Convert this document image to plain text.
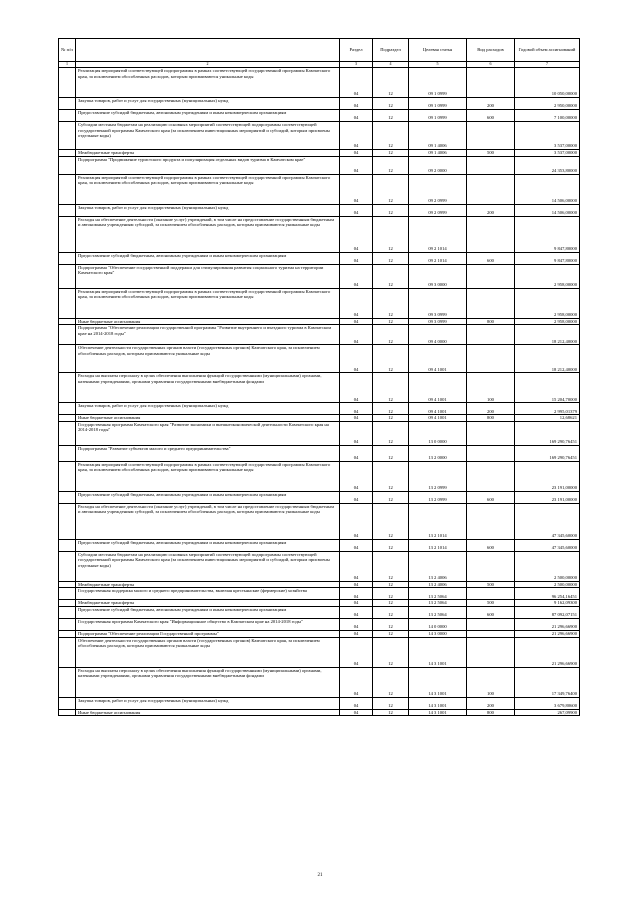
№ п/п		Раздел	Подраздел	Целевая статья	Вид расходов	Годовой объем ассигнований
1	2	3	4	5	6	7
	Реализация мероприятий соответствующей подпрограммы в рамках соответствующей государственной программы Камчатского края, за исключением обособленных расходов, которым присваиваются уникальные коды	04	12	09 1 0999		10 050,00000
	Закупка товаров, работ и услуг для государственных (муниципальных) нужд	04	12	09 1 0999	200	2 950,00000
	Предоставление субсидий бюджетным, автономным учреждениям и иным некоммерческим организациям	04	12	09 1 0999	600	7 100,00000
	Субсидии местным бюджетам на реализацию основных мероприятий соответствующей подпрограммы соответствующей государственной программы Камчатского края (за исключением инвестиционных мероприятий и субсидий, которым присвоены отдельные коды)	04	12	09 1 4006		3 537,00000
	Межбюджетные трансферты	04	12	09 1 4006	500	3 537,00000
	Подпрограмма "Продвижение туристского продукта и популяризация отдельных видов туризма в Камчатском крае"	04	12	09 2 0000		24 353,80000
	Реализация мероприятий соответствующей подпрограммы в рамках соответствующей государственной программы Камчатского края, за исключением обособленных расходов, которым присваиваются уникальные коды	04	12	09 2 0999		14 506,00000
	Закупка товаров, работ и услуг для государственных (муниципальных) нужд	04	12	09 2 0999	200	14 506,00000
	Расходы на обеспечение деятельности (оказание услуг) учреждений, в том числе на предоставление государственным бюджетным и автономным учреждениям субсидий, за исключением обособленных расходов, которым присваиваются уникальные коды	04	12	09 2 1014		9 847,80000
	Предоставление субсидий бюджетным, автономным учреждениям и иным некоммерческим организациям	04	12	09 2 1014	600	9 847,80000
	Подпрограмма "Обеспечение государственной поддержки для стимулирования развития социального туризма на территории Камчатского края"	04	12	09 3 0000		2 958,00000
	Реализация мероприятий соответствующей подпрограммы в рамках соответствующей государственной программы Камчатского края, за исключением обособленных расходов, которым присваиваются уникальные коды	04	12	09 3 0999		2 958,00000
	Иные бюджетные ассигнования	04	12	09 3 0999	800	2 958,00000
	Подпрограмма "Обеспечение реализации государственной программы "Развитие внутреннего и въездного туризма в Камчатском крае на 2014-2018 годы"	04	12	09 4 0000		18 212,40000
	Обеспечение деятельности государственных органов власти (государственных органов) Камчатского края, за исключением обособленных расходов, которым присваиваются уникальные коды	04	12	09 4 1001		18 212,40000
	Расходы на выплаты персоналу в целях обеспечения выполнения функций государственными (муниципальными) органами, казенными учреждениями, органами управления государственными внебюджетными фондами	04	12	09 4 1001	100	15 204,70000
	Закупка товаров, работ и услуг для государственных (муниципальных) нужд	04	12	09 4 1001	200	2 995,01379
	Иные бюджетные ассигнования	04	12	09 4 1001	800	12,68621
	Государственная программа Камчатского края "Развитие экономики и внешнеэкономической деятельности Камчатского края на 2014-2018 годы"	04	12	13 0 0000		169 290,76451
	Подпрограмма "Развитие субъектов малого и среднего предпринимательства"	04	12	13 2 0000		169 290,76451
	Реализация мероприятий соответствующей подпрограммы в рамках соответствующей государственной программы Камчатского края, за исключением обособленных расходов, которым присваиваются уникальные коды	04	12	13 2 0999		23 191,00000
	Предоставление субсидий бюджетным, автономным учреждениям и иным некоммерческим организациям	04	12	13 2 0999	600	23 191,00000
	Расходы на обеспечение деятельности (оказание услуг) учреждений, в том числе на предоставление государственным бюджетным и автономным учреждениям субсидий, за исключением обособленных расходов, которым присваиваются уникальные коды	04	12	13 2 1014		47 345,60000
	Предоставление субсидий бюджетным, автономным учреждениям и иным некоммерческим организациям	04	12	13 2 1014	600	47 345,60000
	Субсидии местным бюджетам на реализацию основных мероприятий соответствующей подпрограммы соответствующей государственной программы Камчатского края (за исключением инвестиционных мероприятий и субсидий, которым присвоены отдельные коды)	04	12	13 2 4006		2 500,00000
	Межбюджетные трансферты	04	12	13 2 4006	500	2 500,00000
	Государственная поддержка малого и среднего предпринимательства, включая крестьянские (фермерские) хозяйства	04	12	13 2 5064		96 254,16451
	Межбюджетные трансферты	04	12	13 2 5064	500	9 162,09300
	Предоставление субсидий бюджетным, автономным учреждениям и иным некоммерческим организациям	04	12	13 2 5064	600	87 092,07151
	Государственная программа Камчатского края "Информационное общество в Камчатском крае на 2014-2018 годы"	04	12	14 0 0000		21 296,66900
	Подпрограмма "Обеспечение реализации Государственной программы"	04	12	14 3 0000		21 296,66900
	Обеспечение деятельности государственных органов власти (государственных органов) Камчатского края, за исключением обособленных расходов, которым присваиваются уникальные коды	04	12	14 3 1001		21 296,66900
	Расходы на выплаты персоналу в целях обеспечения выполнения функций государственными (муниципальными) органами, казенными учреждениями, органами управления государственными внебюджетными фондами	04	12	14 3 1001	100	17 349,76400
	Закупка товаров, работ и услуг для государственных (муниципальных) нужд	04	12	14 3 1001	200	3 679,80600
	Иные бюджетные ассигнования	04	12	14 3 1001	800	267,09900
21
